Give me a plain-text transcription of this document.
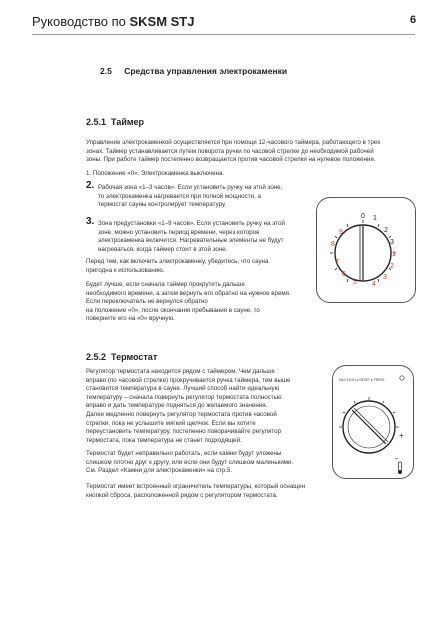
Руководство по SKSM STJ	6
2.5 Средства управления электрокаменки
2.5.1 Таймер
Управление электрокаменкой осуществляется при помощи 12-часового таймера, работающего в трех
зонах. Таймер устанавливается путем поворота ручки по часовой стрелке до необходимой рабочей
зоны. При работе таймер постепенно возвращается против часовой стрелки на нулевое положение.
1. Положение «0». Электрокаменка выключена.
2. Рабочая зона «1–3 часов». Если установить ручку на этой зоне,
то электрокаменка нагревается при полной мощности, а
термостат сауны контролирует температуру.
3. Зона предустановки «1–9 часов». Если установить ручку на этой
зоне, можно установить период времени, через которое
электрокаменка включится. Нагревательные элементы не будут
нагреваться, когда таймер стоит в этой зоне.
Перед тем, как включить электрокаменку, убедитесь, что сауна
пригодна к использованию.
Будет лучше, если сначала таймер прокрутить дальше
необходимого времени, а затем вернуть его обратно на нужное время.
Если переключатель не вернулся обратно
на положение «0», после окончания пребывания в сауне, то
поверните его на «0» вручную.
0 1
2
3
1
2
3
4
5
6
7
8
9
2.5.2 Термостат
Регулятор термостата находится рядом с таймером. Чем дальше
вправо (по часовой стрелке) прокручивается ручка таймера, тем выше
становится температура в сауне. Лучший способ найти идеальную
температуру – сначала повернуть регулятор термостата полностью
вправо и дать температуре подняться до желаемого значения.
Далее медленно повернуть регулятор термостата против часовой
стрелки, пока не услышите мягкий щелчок. Если вы хотите
переустановить температуру, постепенно поворачивайте регулятор
термостата, пока температура не станет подходящей.
Термостат будет неправильно работать, если камни будут уложены
слишком плотно друг к другу, или если они будут слишком маленькими.
См. Раздел «Камни для электрокаменки» на стр.5.
Термостат имеет встроенный ограничитель температуры, который оснащен
кнопкой сброса, расположенной рядом с регулятором термостата.
MAX.PUSH ● RESET ● PRESS
+
–
